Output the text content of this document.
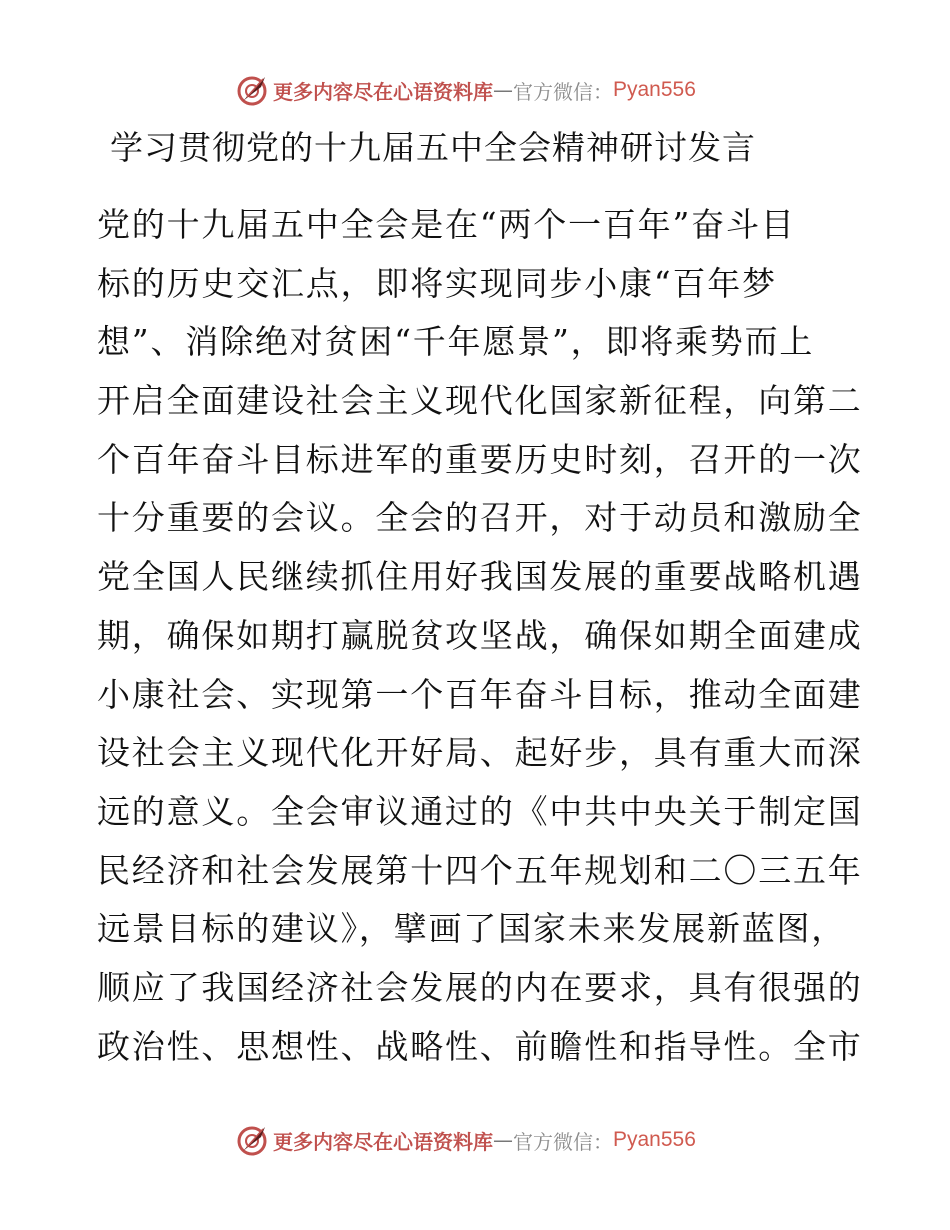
更多内容尽在心语资料库 — 官方微信： Pyan556
学习贯彻党的十九届五中全会精神研讨发言
党的十九届五中全会是在“两个一百年”奋斗目
标的历史交汇点，即将实现同步小康“百年梦
想”、消除绝对贫困“千年愿景”，即将乘势而上
开启全面建设社会主义现代化国家新征程，向第二
个百年奋斗目标进军的重要历史时刻，召开的一次
十分重要的会议。全会的召开，对于动员和激励全
党全国人民继续抓住用好我国发展的重要战略机遇
期，确保如期打赢脱贫攻坚战，确保如期全面建成
小康社会、实现第一个百年奋斗目标，推动全面建
设社会主义现代化开好局、起好步，具有重大而深
远的意义。全会审议通过的《中共中央关于制定国
民经济和社会发展第十四个五年规划和二〇三五年
远景目标的建议》，擘画了国家未来发展新蓝图，
顺应了我国经济社会发展的内在要求，具有很强的
政治性、思想性、战略性、前瞻性和指导性。全市
更多内容尽在心语资料库 — 官方微信： Pyan556
